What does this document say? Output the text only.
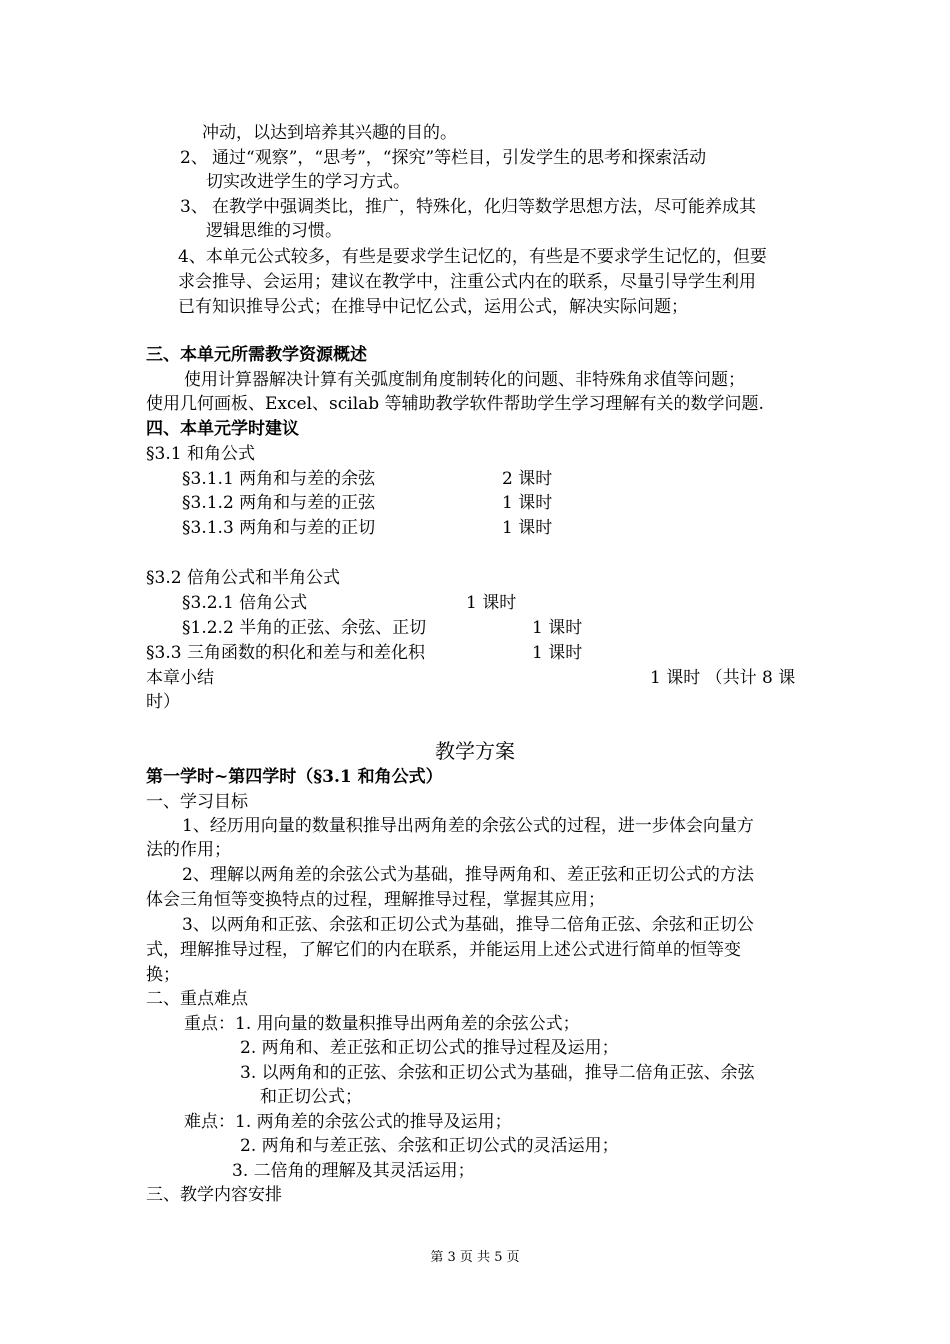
冲动，以达到培养其兴趣的目的。
2、 通过“观察”，“思考”，“探究”等栏目，引发学生的思考和探索活动
切实改进学生的学习方式。
3、 在教学中强调类比，推广，特殊化，化归等数学思想方法，尽可能养成其
逻辑思维的习惯。
4、本单元公式较多，有些是要求学生记忆的，有些是不要求学生记忆的，但要
求会推导、会运用；建议在教学中，注重公式内在的联系，尽量引导学生利用
已有知识推导公式；在推导中记忆公式，运用公式，解决实际问题；
三、本单元所需教学资源概述
使用计算器解决计算有关弧度制角度制转化的问题、非特殊角求值等问题；
使用几何画板、Excel、scilab 等辅助教学软件帮助学生学习理解有关的数学问题.
四、本单元学时建议
§3.1 和角公式
§3.1.1 两角和与差的余弦	2 课时
§3.1.2 两角和与差的正弦	1 课时
§3.1.3 两角和与差的正切	1 课时
§3.2 倍角公式和半角公式
§3.2.1 倍角公式	1 课时
§1.2.2 半角的正弦、余弦、正切	1 课时
§3.3 三角函数的积化和差与和差化积	1 课时
本章小结	1 课时 （共计 8 课
时）
教学方案
第一学时~第四学时（§3.1 和角公式）
一、学习目标
1、经历用向量的数量积推导出两角差的余弦公式的过程，进一步体会向量方
法的作用；
2、理解以两角差的余弦公式为基础，推导两角和、差正弦和正切公式的方法
体会三角恒等变换特点的过程，理解推导过程，掌握其应用；
3、以两角和正弦、余弦和正切公式为基础，推导二倍角正弦、余弦和正切公
式，理解推导过程，了解它们的内在联系，并能运用上述公式进行简单的恒等变
换；
二、重点难点
重点：1. 用向量的数量积推导出两角差的余弦公式；
2. 两角和、差正弦和正切公式的推导过程及运用；
3. 以两角和的正弦、余弦和正切公式为基础，推导二倍角正弦、余弦
和正切公式；
难点：1. 两角差的余弦公式的推导及运用；
2. 两角和与差正弦、余弦和正切公式的灵活运用；
3. 二倍角的理解及其灵活运用；
三、教学内容安排
第 3 页 共 5 页
